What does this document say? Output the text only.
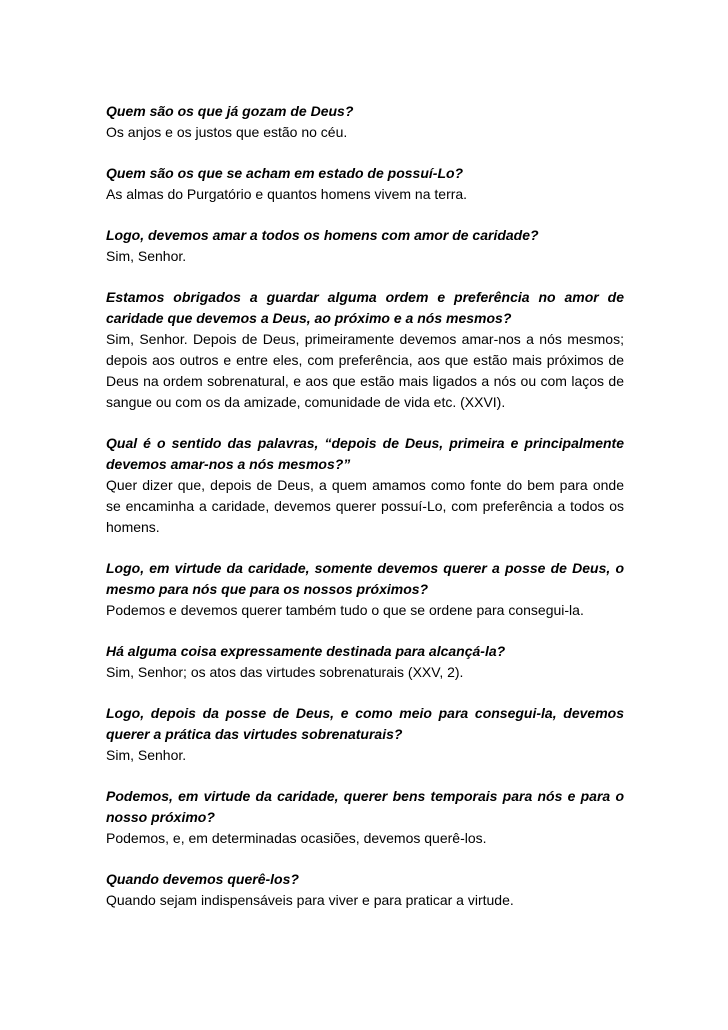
Quem são os que já gozam de Deus?

Os anjos e os justos que estão no céu.

Quem são os que se acham em estado de possuí-Lo?

As almas do Purgatório e quantos homens vivem na terra.

Logo, devemos amar a todos os homens com amor de caridade?

Sim, Senhor.

Estamos obrigados a guardar alguma ordem e preferência no amor de caridade que devemos a Deus, ao próximo e a nós mesmos?

Sim, Senhor. Depois de Deus, primeiramente devemos amar-nos a nós mesmos; depois aos outros e entre eles, com preferência, aos que estão mais próximos de Deus na ordem sobrenatural, e aos que estão mais ligados a nós ou com laços de sangue ou com os da amizade, comunidade de vida etc. (XXVI).

Qual é o sentido das palavras, “depois de Deus, primeira e principalmente devemos amar-nos a nós mesmos?”

Quer dizer que, depois de Deus, a quem amamos como fonte do bem para onde se encaminha a caridade, devemos querer possuí-Lo, com preferência a todos os homens.

Logo, em virtude da caridade, somente devemos querer a posse de Deus, o mesmo para nós que para os nossos próximos?

Podemos e devemos querer também tudo o que se ordene para consegui-la.

Há alguma coisa expressamente destinada para alcançá-la?

Sim, Senhor; os atos das virtudes sobrenaturais (XXV, 2).

Logo, depois da posse de Deus, e como meio para consegui-la, devemos querer a prática das virtudes sobrenaturais?

Sim, Senhor.

Podemos, em virtude da caridade, querer bens temporais para nós e para o nosso próximo?

Podemos, e, em determinadas ocasiões, devemos querê-los.

Quando devemos querê-los?

Quando sejam indispensáveis para viver e para praticar a virtude.
